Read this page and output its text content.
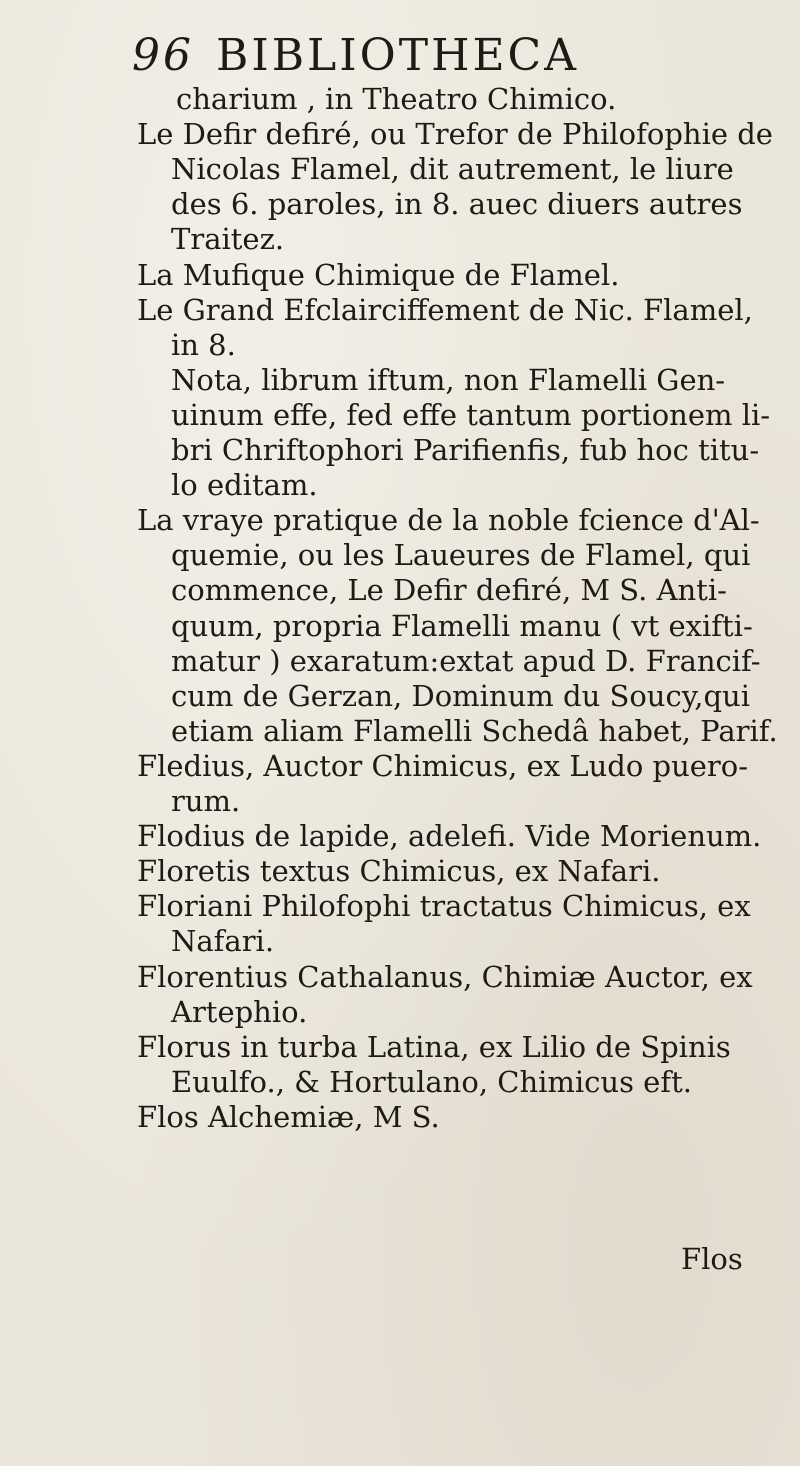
96 BIBLIOTHECA
charium , in Theatro Chimico.
Le Defir defiré, ou Trefor de Philofophie de
Nicolas Flamel, dit autrement, le liure
des 6. paroles, in 8. auec diuers autres
Traitez.
La Mufique Chimique de Flamel.
Le Grand Efclairciffement de Nic. Flamel,
in 8.
Nota, librum iftum, non Flamelli Gen-
uinum effe, fed effe tantum portionem li-
bri Chriftophori Parifienfis, fub hoc titu-
lo editam.
La vraye pratique de la noble fcience d'Al-
quemie, ou les Laueures de Flamel, qui
commence, Le Defir defiré, M S. Anti-
quum, propria Flamelli manu ( vt exifti-
matur ) exaratum:extat apud D. Francif-
cum de Gerzan, Dominum du Soucy,qui
etiam aliam Flamelli Schedâ habet, Parif.
Fledius, Auctor Chimicus, ex Ludo puero-
rum.
Flodius de lapide, adelefi. Vide Morienum.
Floretis textus Chimicus, ex Nafari.
Floriani Philofophi tractatus Chimicus, ex
Nafari.
Florentius Cathalanus, Chimiæ Auctor, ex
Artephio.
Florus in turba Latina, ex Lilio de Spinis
Euulfo., & Hortulano, Chimicus eft.
Flos Alchemiæ, M S.
Flos
